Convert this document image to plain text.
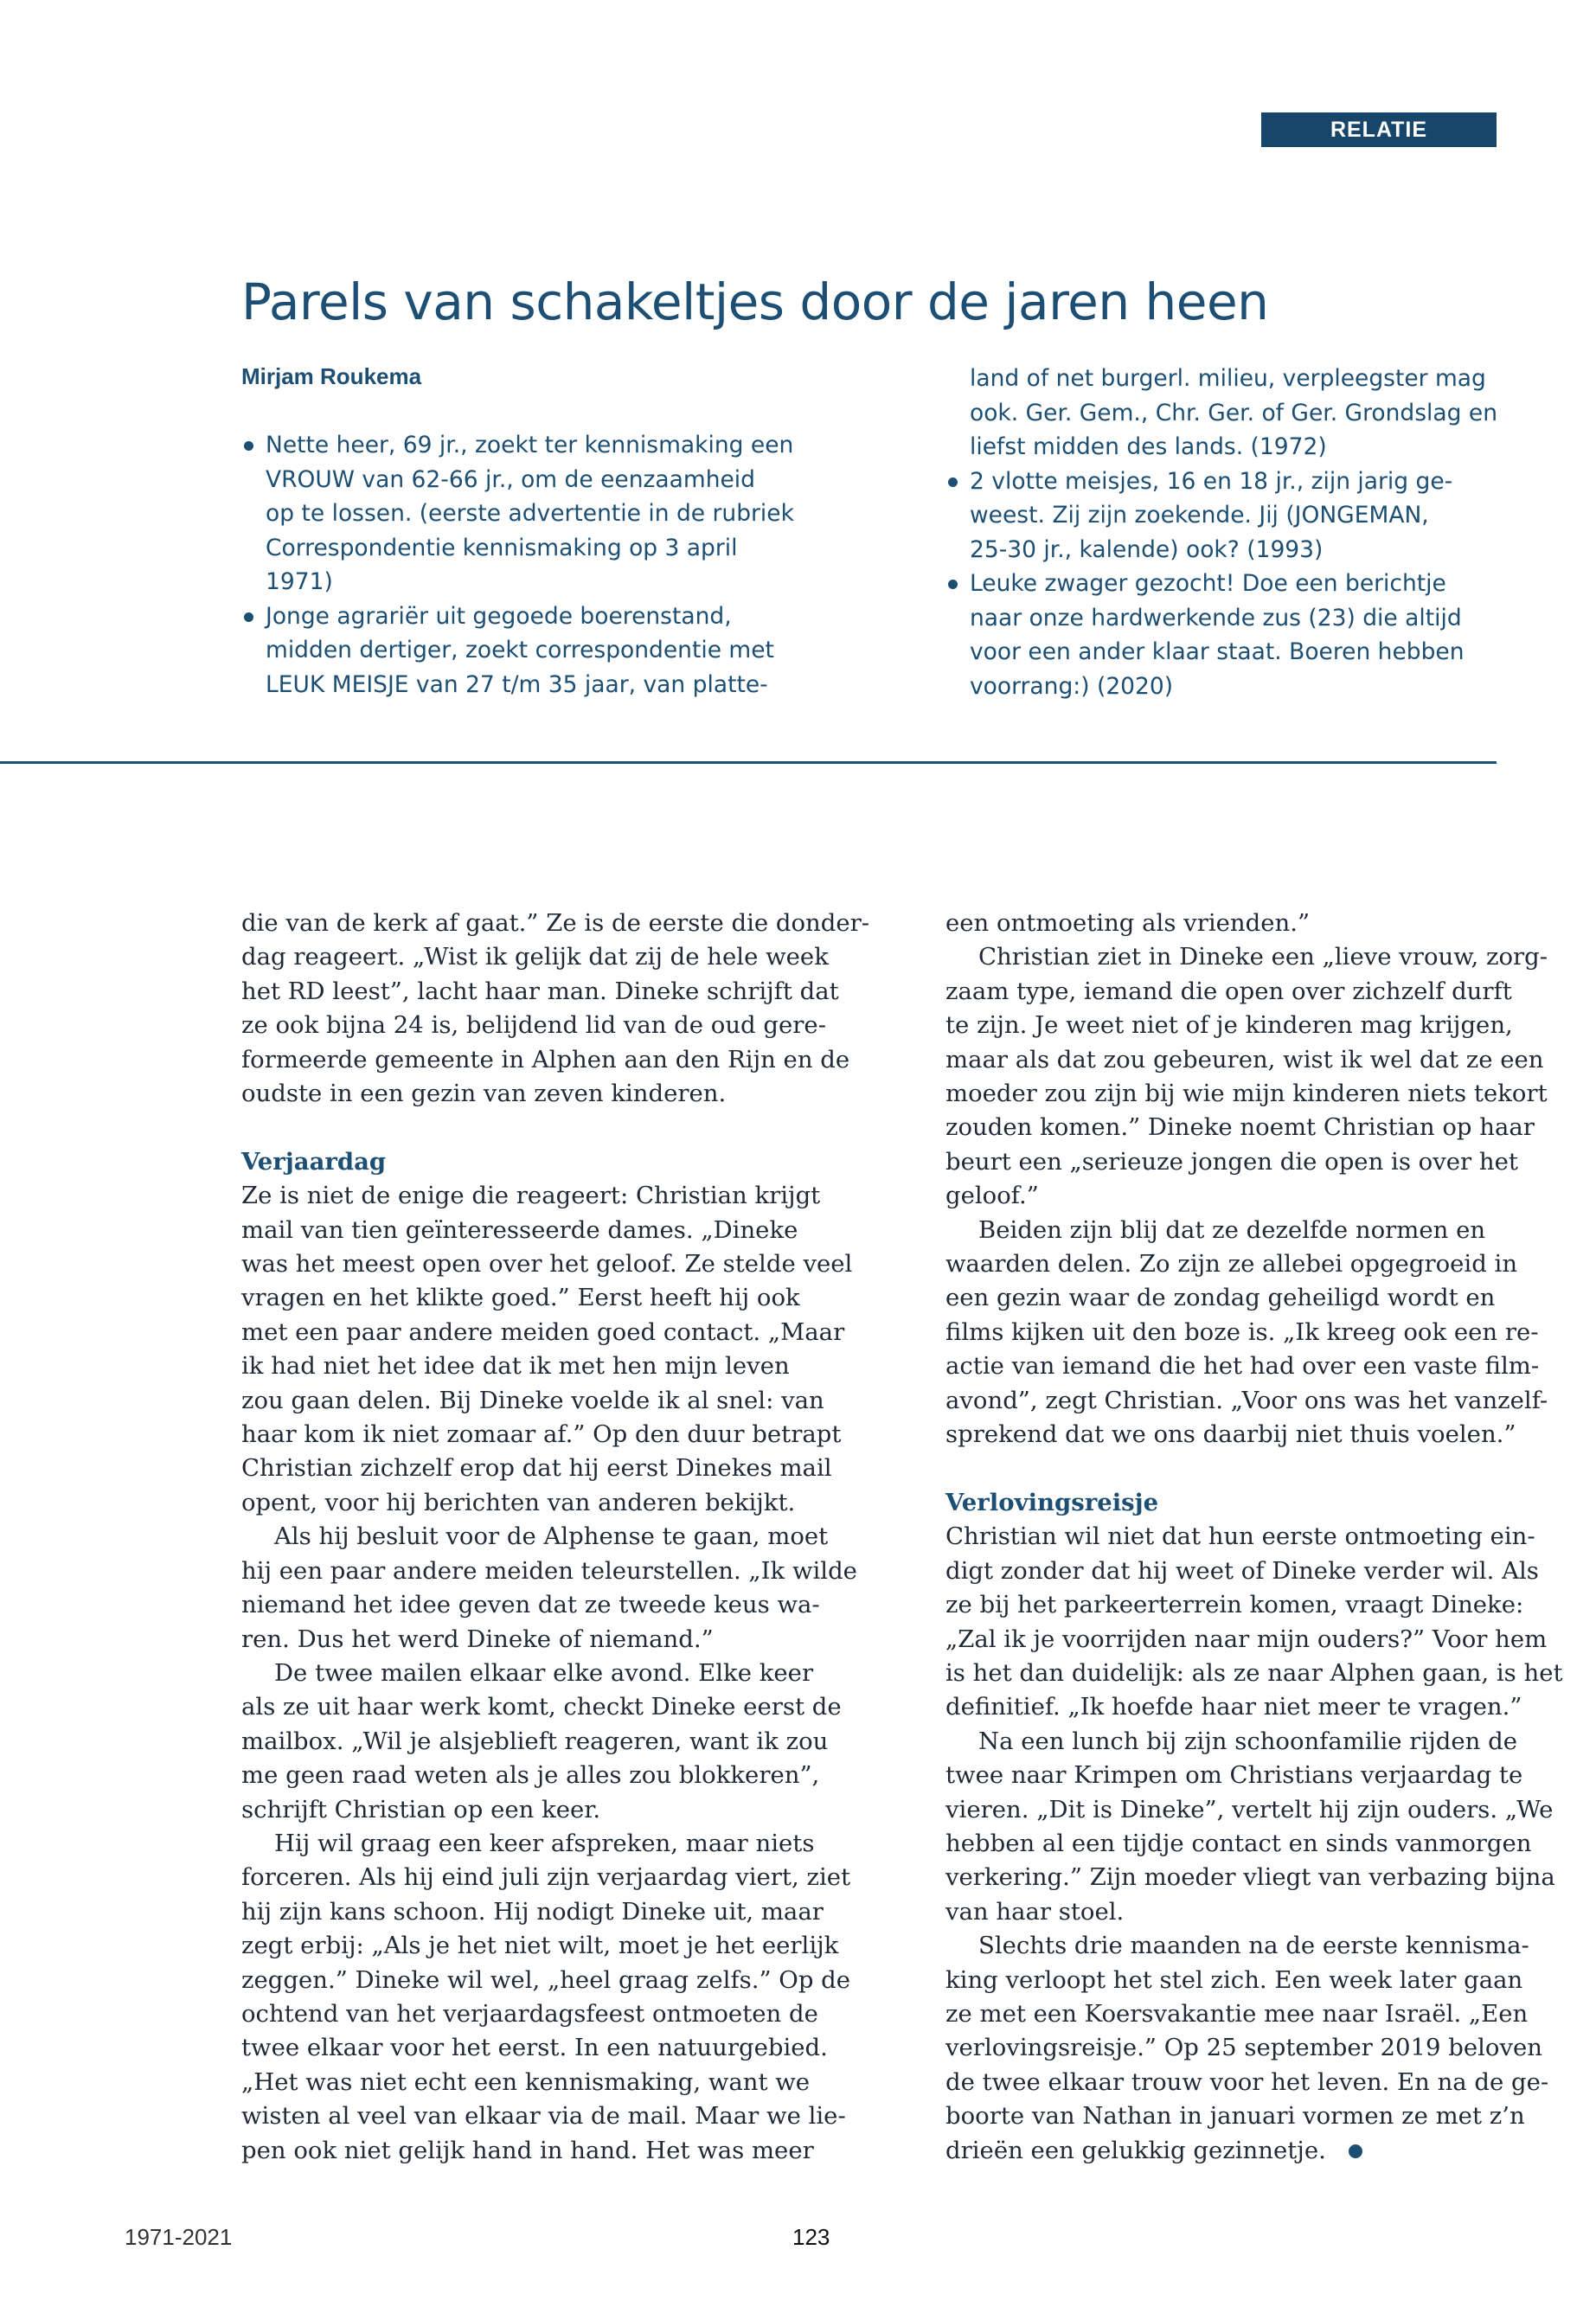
RELATIE
Parels van schakeltjes door de jaren heen
Mirjam Roukema
Nette heer, 69 jr., zoekt ter kennismaking een
VROUW van 62-66 jr., om de eenzaamheid
op te lossen. (eerste advertentie in de rubriek
Correspondentie kennismaking op 3 april
1971)
Jonge agrariër uit gegoede boerenstand,
midden dertiger, zoekt correspondentie met
LEUK MEISJE van 27 t/m 35 jaar, van platte-
land of net burgerl. milieu, verpleegster mag
ook. Ger. Gem., Chr. Ger. of Ger. Grondslag en
liefst midden des lands. (1972)
2 vlotte meisjes, 16 en 18 jr., zijn jarig ge-
weest. Zij zijn zoekende. Jij (JONGEMAN,
25-30 jr., kalende) ook? (1993)
Leuke zwager gezocht! Doe een berichtje
naar onze hardwerkende zus (23) die altijd
voor een ander klaar staat. Boeren hebben
voorrang:) (2020)
die van de kerk af gaat.” Ze is de eerste die donder-
dag reageert. „Wist ik gelijk dat zij de hele week
het RD leest”, lacht haar man. Dineke schrijft dat
ze ook bijna 24 is, belijdend lid van de oud gere-
formeerde gemeente in Alphen aan den Rijn en de
oudste in een gezin van zeven kinderen.
Verjaardag
Ze is niet de enige die reageert: Christian krijgt
mail van tien geïnteresseerde dames. „Dineke
was het meest open over het geloof. Ze stelde veel
vragen en het klikte goed.” Eerst heeft hij ook
met een paar andere meiden goed contact. „Maar
ik had niet het idee dat ik met hen mijn leven
zou gaan delen. Bij Dineke voelde ik al snel: van
haar kom ik niet zomaar af.” Op den duur betrapt
Christian zichzelf erop dat hij eerst Dinekes mail
opent, voor hij berichten van anderen bekijkt.
Als hij besluit voor de Alphense te gaan, moet
hij een paar andere meiden teleurstellen. „Ik wilde
niemand het idee geven dat ze tweede keus wa-
ren. Dus het werd Dineke of niemand.”
De twee mailen elkaar elke avond. Elke keer
als ze uit haar werk komt, checkt Dineke eerst de
mailbox. „Wil je alsjeblieft reageren, want ik zou
me geen raad weten als je alles zou blokkeren”,
schrijft Christian op een keer.
Hij wil graag een keer afspreken, maar niets
forceren. Als hij eind juli zijn verjaardag viert, ziet
hij zijn kans schoon. Hij nodigt Dineke uit, maar
zegt erbij: „Als je het niet wilt, moet je het eerlijk
zeggen.” Dineke wil wel, „heel graag zelfs.” Op de
ochtend van het verjaardagsfeest ontmoeten de
twee elkaar voor het eerst. In een natuurgebied.
„Het was niet echt een kennismaking, want we
wisten al veel van elkaar via de mail. Maar we lie-
pen ook niet gelijk hand in hand. Het was meer
een ontmoeting als vrienden.”
Christian ziet in Dineke een „lieve vrouw, zorg-
zaam type, iemand die open over zichzelf durft
te zijn. Je weet niet of je kinderen mag krijgen,
maar als dat zou gebeuren, wist ik wel dat ze een
moeder zou zijn bij wie mijn kinderen niets tekort
zouden komen.” Dineke noemt Christian op haar
beurt een „serieuze jongen die open is over het
geloof.”
Beiden zijn blij dat ze dezelfde normen en
waarden delen. Zo zijn ze allebei opgegroeid in
een gezin waar de zondag geheiligd wordt en
films kijken uit den boze is. „Ik kreeg ook een re-
actie van iemand die het had over een vaste film-
avond”, zegt Christian. „Voor ons was het vanzelf-
sprekend dat we ons daarbij niet thuis voelen.”
Verlovingsreisje
Christian wil niet dat hun eerste ontmoeting ein-
digt zonder dat hij weet of Dineke verder wil. Als
ze bij het parkeerterrein komen, vraagt Dineke:
„Zal ik je voorrijden naar mijn ouders?” Voor hem
is het dan duidelijk: als ze naar Alphen gaan, is het
definitief. „Ik hoefde haar niet meer te vragen.”
Na een lunch bij zijn schoonfamilie rijden de
twee naar Krimpen om Christians verjaardag te
vieren. „Dit is Dineke”, vertelt hij zijn ouders. „We
hebben al een tijdje contact en sinds vanmorgen
verkering.” Zijn moeder vliegt van verbazing bijna
van haar stoel.
Slechts drie maanden na de eerste kennisma-
king verloopt het stel zich. Een week later gaan
ze met een Koersvakantie mee naar Israël. „Een
verlovingsreisje.” Op 25 september 2019 beloven
de twee elkaar trouw voor het leven. En na de ge-
boorte van Nathan in januari vormen ze met z’n
drieën een gelukkig gezinnetje.
1971-2021	123
